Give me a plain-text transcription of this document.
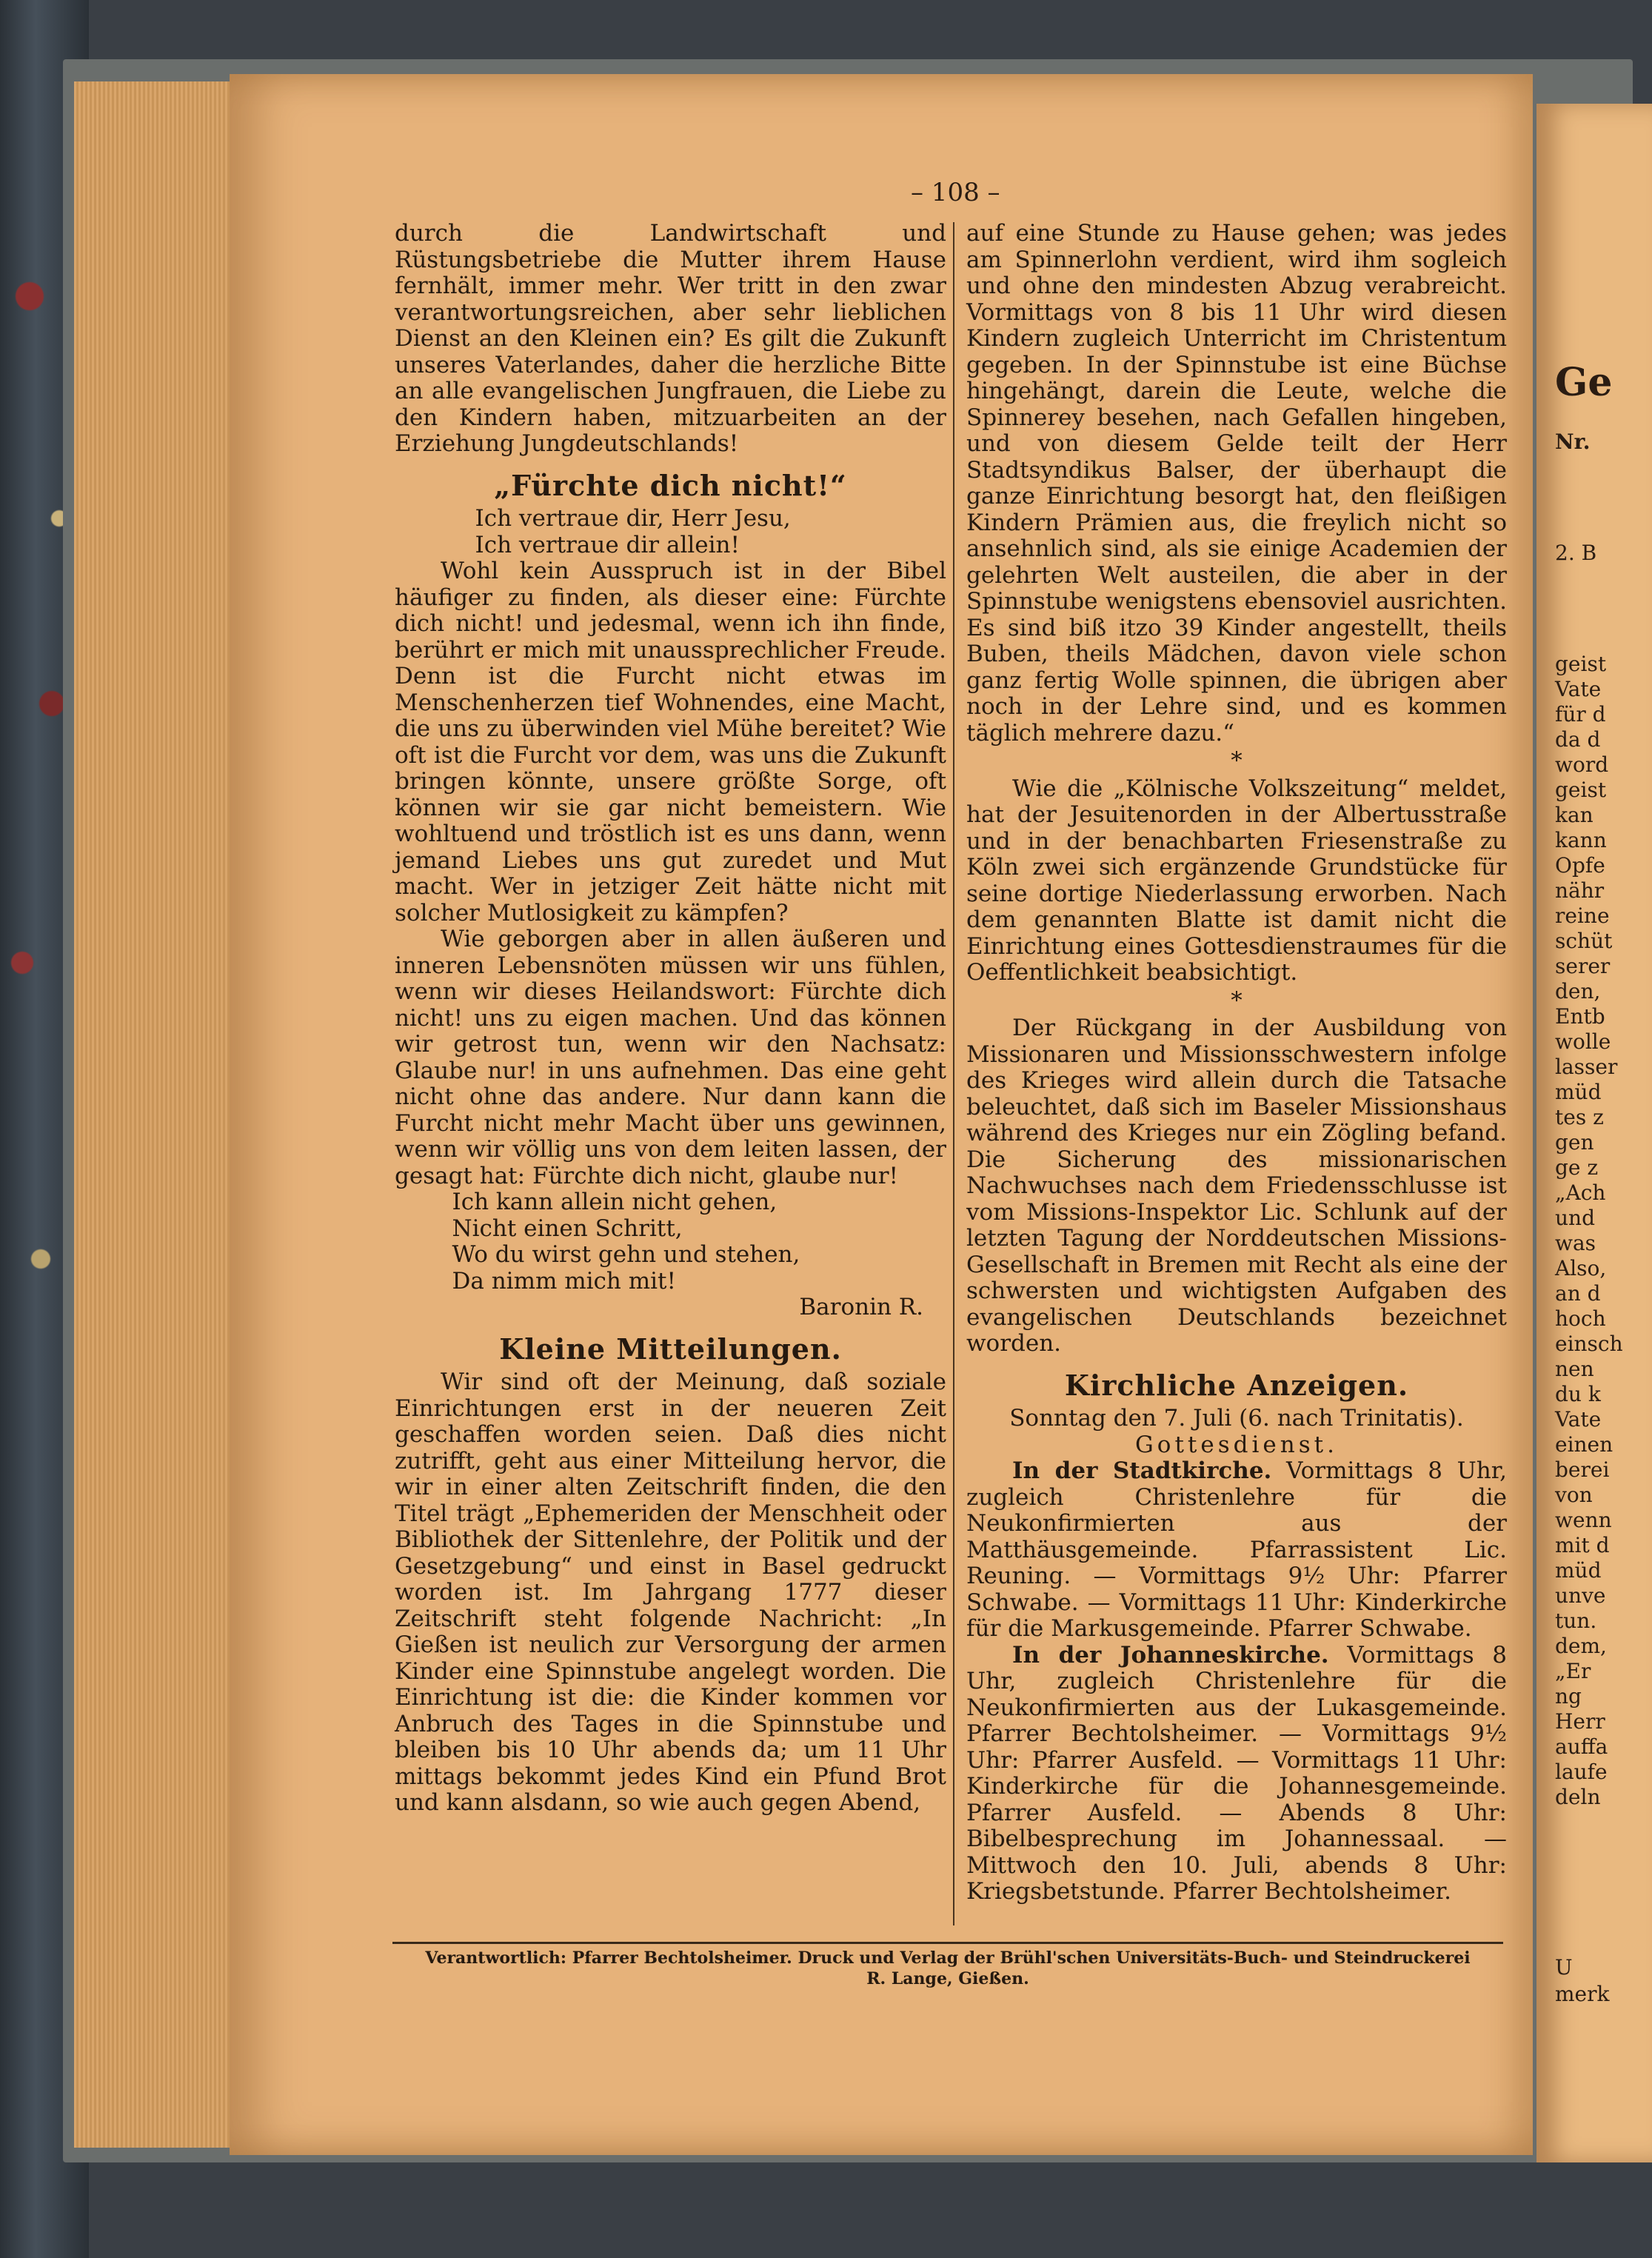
Ge
Nr.
2. B
geist
Vate
für d
da d
word
geist
kan
kann
Opfe
nähr
reine
schüt
serer
den,
Entb
wolle
lasser
müd
tes z
gen
ge z
„Ach
und
was
Also,
an d
hoch
einsch
nen
du k
Vate
einen
berei
von
wenn
mit d
müd
unve
tun.
dem,
„Er
ng
Herr
auffa
laufe
deln
U
merk
– 108 –

durch die Landwirtschaft und Rüstungsbetriebe die Mutter ihrem Hause fernhält, immer mehr. Wer tritt in den zwar verantwortungsreichen, aber sehr lieblichen Dienst an den Kleinen ein? Es gilt die Zukunft unseres Vaterlandes, daher die herzliche Bitte an alle evangelischen Jungfrauen, die Liebe zu den Kindern haben, mitzuarbeiten an der Erziehung Jungdeutschlands!

„Fürchte dich nicht!“

Ich vertraue dir, Herr Jesu,

Ich vertraue dir allein!

Wohl kein Ausspruch ist in der Bibel häufiger zu finden, als dieser eine: Fürchte dich nicht! und jedesmal, wenn ich ihn finde, berührt er mich mit unaussprechlicher Freude. Denn ist die Furcht nicht etwas im Menschenherzen tief Wohnendes, eine Macht, die uns zu überwinden viel Mühe bereitet? Wie oft ist die Furcht vor dem, was uns die Zukunft bringen könnte, unsere größte Sorge, oft können wir sie gar nicht bemeistern. Wie wohltuend und tröstlich ist es uns dann, wenn jemand Liebes uns gut zuredet und Mut macht. Wer in jetziger Zeit hätte nicht mit solcher Mutlosigkeit zu kämpfen?

Wie geborgen aber in allen äußeren und inneren Lebensnöten müssen wir uns fühlen, wenn wir dieses Heilandswort: Fürchte dich nicht! uns zu eigen machen. Und das können wir getrost tun, wenn wir den Nachsatz: Glaube nur! in uns aufnehmen. Das eine geht nicht ohne das andere. Nur dann kann die Furcht nicht mehr Macht über uns gewinnen, wenn wir völlig uns von dem leiten lassen, der gesagt hat: Fürchte dich nicht, glaube nur!

Ich kann allein nicht gehen,

Nicht einen Schritt,

Wo du wirst gehn und stehen,

Da nimm mich mit!

Baronin R.

Kleine Mitteilungen.

Wir sind oft der Meinung, daß soziale Einrichtungen erst in der neueren Zeit geschaffen worden seien. Daß dies nicht zutrifft, geht aus einer Mitteilung hervor, die wir in einer alten Zeitschrift finden, die den Titel trägt „Ephemeriden der Menschheit oder Bibliothek der Sittenlehre, der Politik und der Gesetzgebung“ und einst in Basel gedruckt worden ist. Im Jahrgang 1777 dieser Zeitschrift steht folgende Nachricht: „In Gießen ist neulich zur Versorgung der armen Kinder eine Spinnstube angelegt worden. Die Einrichtung ist die: die Kinder kommen vor Anbruch des Tages in die Spinnstube und bleiben bis 10 Uhr abends da; um 11 Uhr mittags bekommt jedes Kind ein Pfund Brot und kann alsdann, so wie auch gegen Abend,

auf eine Stunde zu Hause gehen; was jedes am Spinnerlohn verdient, wird ihm sogleich und ohne den mindesten Abzug verabreicht. Vormittags von 8 bis 11 Uhr wird diesen Kindern zugleich Unterricht im Christentum gegeben. In der Spinnstube ist eine Büchse hingehängt, darein die Leute, welche die Spinnerey besehen, nach Gefallen hingeben, und von diesem Gelde teilt der Herr Stadtsyndikus Balser, der überhaupt die ganze Einrichtung besorgt hat, den fleißigen Kindern Prämien aus, die freylich nicht so ansehnlich sind, als sie einige Academien der gelehrten Welt austeilen, die aber in der Spinnstube wenigstens ebensoviel ausrichten. Es sind biß itzo 39 Kinder angestellt, theils Buben, theils Mädchen, davon viele schon ganz fertig Wolle spinnen, die übrigen aber noch in der Lehre sind, und es kommen täglich mehrere dazu.“

*

Wie die „Kölnische Volkszeitung“ meldet, hat der Jesuitenorden in der Albertusstraße und in der benachbarten Friesenstraße zu Köln zwei sich ergänzende Grundstücke für seine dortige Niederlassung erworben. Nach dem genannten Blatte ist damit nicht die Einrichtung eines Gottesdienstraumes für die Oeffentlichkeit beabsichtigt.

*

Der Rückgang in der Ausbildung von Missionaren und Missionsschwestern infolge des Krieges wird allein durch die Tatsache beleuchtet, daß sich im Baseler Missionshaus während des Krieges nur ein Zögling befand. Die Sicherung des missionarischen Nachwuchses nach dem Friedensschlusse ist vom Missions-Inspektor Lic. Schlunk auf der letzten Tagung der Norddeutschen Missions-Gesellschaft in Bremen mit Recht als eine der schwersten und wichtigsten Aufgaben des evangelischen Deutschlands bezeichnet worden.

Kirchliche Anzeigen.

Sonntag den 7. Juli (6. nach Trinitatis).

Gottesdienst.

In der Stadtkirche. Vormittags 8 Uhr, zugleich Christenlehre für die Neukonfirmierten aus der Matthäusgemeinde. Pfarrassistent Lic. Reuning. — Vormittags 9½ Uhr: Pfarrer Schwabe. — Vormittags 11 Uhr: Kinderkirche für die Markusgemeinde. Pfarrer Schwabe.

In der Johanneskirche. Vormittags 8 Uhr, zugleich Christenlehre für die Neukonfirmierten aus der Lukasgemeinde. Pfarrer Bechtolsheimer. — Vormittags 9½ Uhr: Pfarrer Ausfeld. — Vormittags 11 Uhr: Kinderkirche für die Johannesgemeinde. Pfarrer Ausfeld. — Abends 8 Uhr: Bibelbesprechung im Johannessaal. — Mittwoch den 10. Juli, abends 8 Uhr: Kriegsbetstunde. Pfarrer Bechtolsheimer.

Verantwortlich: Pfarrer Bechtolsheimer. Druck und Verlag der Brühl'schen Universitäts-Buch- und Steindruckerei
R. Lange, Gießen.
